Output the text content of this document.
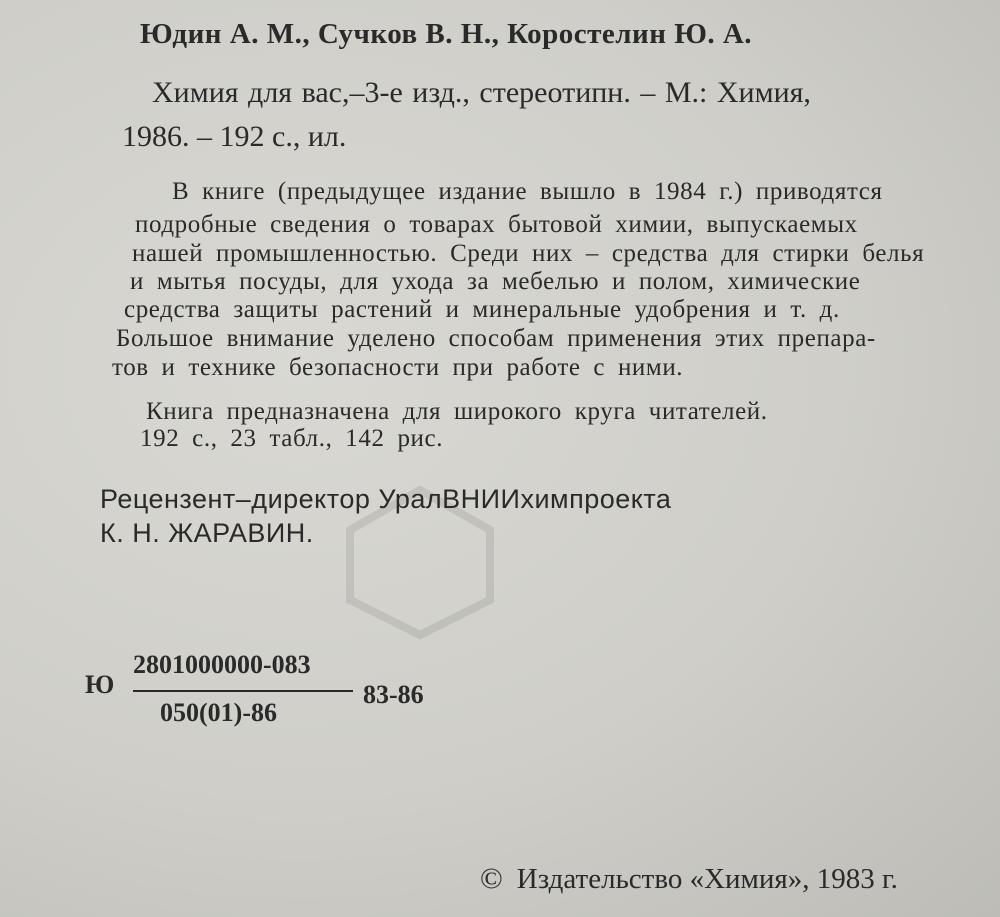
Юдин А. М., Сучков В. Н., Коростелин Ю. А.
Химия для вас,–3-е изд., стереотипн. – М.: Химия,
1986. – 192 с., ил.
В книге (предыдущее издание вышло в 1984 г.) приводятся
подробные сведения о товарах бытовой химии, выпускаемых
нашей промышленностью. Среди них – средства для стирки белья
и мытья посуды, для ухода за мебелью и полом, химические
средства защиты растений и минеральные удобрения и т. д.
Большое внимание уделено способам применения этих препара-
тов и технике безопасности при работе с ними.
Книга предназначена для широкого круга читателей.
192 с., 23 табл., 142 рис.
Рецензент–директор УралВНИИхимпроекта
К. Н. ЖАРАВИН.
Ю
2801000000-083
050(01)-86
83-86
© Издательство «Химия», 1983 г.
